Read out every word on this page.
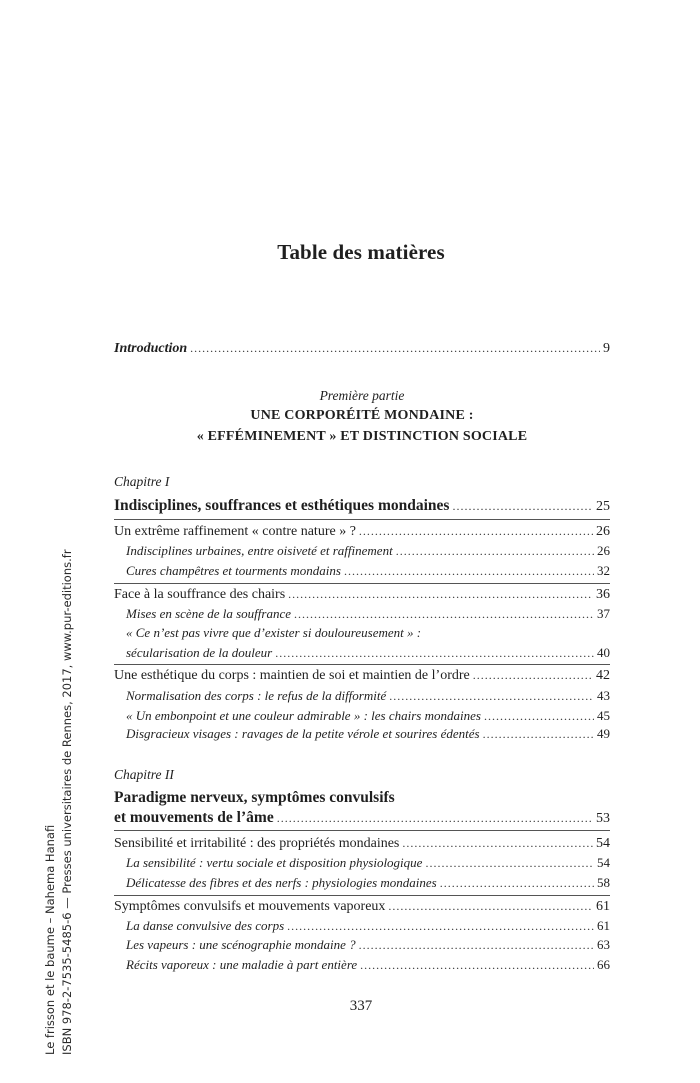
Table des matières
Introduction .....	9
Première partie
UNE CORPORÉITÉ MONDAINE :
« EFFÉMINEMENT » ET DISTINCTION SOCIALE
Chapitre I
Indisciplines, souffrances et esthétiques mondaines .....	25
Un extrême raffinement « contre nature » ? .....	26
Indisciplines urbaines, entre oisiveté et raffinement .....	26
Cures champêtres et tourments mondains .....	32
Face à la souffrance des chairs .....	36
Mises en scène de la souffrance .....	37
« Ce n’est pas vivre que d’exister si douloureusement » :
sécularisation de la douleur .....	40
Une esthétique du corps : maintien de soi et maintien de l’ordre .....	42
Normalisation des corps : le refus de la difformité .....	43
« Un embonpoint et une couleur admirable » : les chairs mondaines .....	45
Disgracieux visages : ravages de la petite vérole et sourires édentés .....	49
Chapitre II
Paradigme nerveux, symptômes convulsifs
et mouvements de l’âme .....	53
Sensibilité et irritabilité : des propriétés mondaines .....	54
La sensibilité : vertu sociale et disposition physiologique .....	54
Délicatesse des fibres et des nerfs : physiologies mondaines .....	58
Symptômes convulsifs et mouvements vaporeux .....	61
La danse convulsive des corps .....	61
Les vapeurs : une scénographie mondaine ? .....	63
Récits vaporeux : une maladie à part entière .....	66
337
Le frisson et le baume – Nahema Hanafi ISBN 978-2-7535-5485-6 — Presses universitaires de Rennes, 2017, www.pur-editions.fr
